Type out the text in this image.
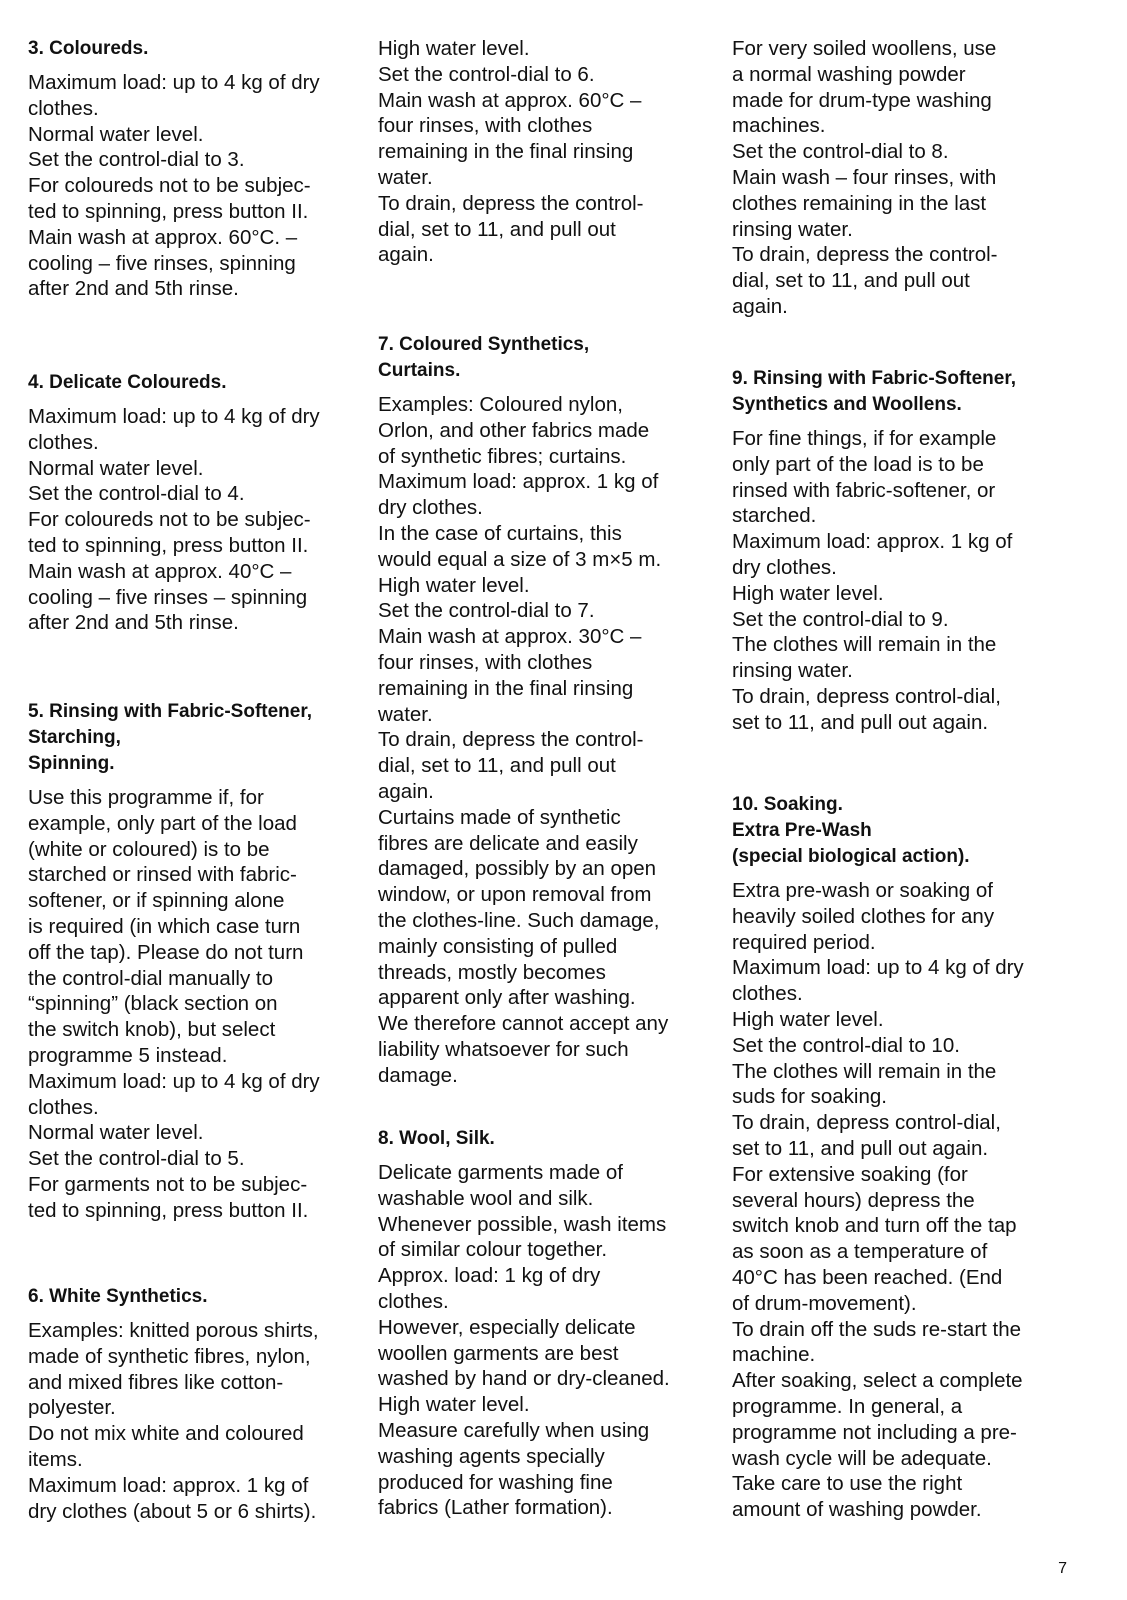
3. Coloureds.

Maximum load: up to 4 kg of dry
clothes.
Normal water level.
Set the control-dial to 3.
For coloureds not to be subjec-
ted to spinning, press button II.
Main wash at approx. 60°C. –
cooling – five rinses, spinning
after 2nd and 5th rinse.

4. Delicate Coloureds.

Maximum load: up to 4 kg of dry
clothes.
Normal water level.
Set the control-dial to 4.
For coloureds not to be subjec-
ted to spinning, press button II.
Main wash at approx. 40°C –
cooling – five rinses – spinning
after 2nd and 5th rinse.

5. Rinsing with Fabric-Softener,
Starching,
Spinning.

Use this programme if, for
example, only part of the load
(white or coloured) is to be
starched or rinsed with fabric-
softener, or if spinning alone
is required (in which case turn
off the tap). Please do not turn
the control-dial manually to
“spinning” (black section on
the switch knob), but select
programme 5 instead.
Maximum load: up to 4 kg of dry
clothes.
Normal water level.
Set the control-dial to 5.
For garments not to be subjec-
ted to spinning, press button II.

6. White Synthetics.

Examples: knitted porous shirts,
made of synthetic fibres, nylon,
and mixed fibres like cotton-
polyester.
Do not mix white and coloured
items.
Maximum load: approx. 1 kg of
dry clothes (about 5 or 6 shirts).

High water level.
Set the control-dial to 6.
Main wash at approx. 60°C –
four rinses, with clothes
remaining in the final rinsing
water.
To drain, depress the control-
dial, set to 11, and pull out
again.

7. Coloured Synthetics,
Curtains.

Examples: Coloured nylon,
Orlon, and other fabrics made
of synthetic fibres; curtains.
Maximum load: approx. 1 kg of
dry clothes.
In the case of curtains, this
would equal a size of 3 m×5 m.
High water level.
Set the control-dial to 7.
Main wash at approx. 30°C –
four rinses, with clothes
remaining in the final rinsing
water.
To drain, depress the control-
dial, set to 11, and pull out
again.
Curtains made of synthetic
fibres are delicate and easily
damaged, possibly by an open
window, or upon removal from
the clothes-line. Such damage,
mainly consisting of pulled
threads, mostly becomes
apparent only after washing.
We therefore cannot accept any
liability whatsoever for such
damage.

8. Wool, Silk.

Delicate garments made of
washable wool and silk.
Whenever possible, wash items
of similar colour together.
Approx. load: 1 kg of dry
clothes.
However, especially delicate
woollen garments are best
washed by hand or dry-cleaned.
High water level.
Measure carefully when using
washing agents specially
produced for washing fine
fabrics (Lather formation).

For very soiled woollens, use
a normal washing powder
made for drum-type washing
machines.
Set the control-dial to 8.
Main wash – four rinses, with
clothes remaining in the last
rinsing water.
To drain, depress the control-
dial, set to 11, and pull out
again.

9. Rinsing with Fabric-Softener,
Synthetics and Woollens.

For fine things, if for example
only part of the load is to be
rinsed with fabric-softener, or
starched.
Maximum load: approx. 1 kg of
dry clothes.
High water level.
Set the control-dial to 9.
The clothes will remain in the
rinsing water.
To drain, depress control-dial,
set to 11, and pull out again.

10. Soaking.
Extra Pre-Wash
(special biological action).

Extra pre-wash or soaking of
heavily soiled clothes for any
required period.
Maximum load: up to 4 kg of dry
clothes.
High water level.
Set the control-dial to 10.
The clothes will remain in the
suds for soaking.
To drain, depress control-dial,
set to 11, and pull out again.
For extensive soaking (for
several hours) depress the
switch knob and turn off the tap
as soon as a temperature of
40°C has been reached. (End
of drum-movement).
To drain off the suds re-start the
machine.
After soaking, select a complete
programme. In general, a
programme not including a pre-
wash cycle will be adequate.
Take care to use the right
amount of washing powder.

7
